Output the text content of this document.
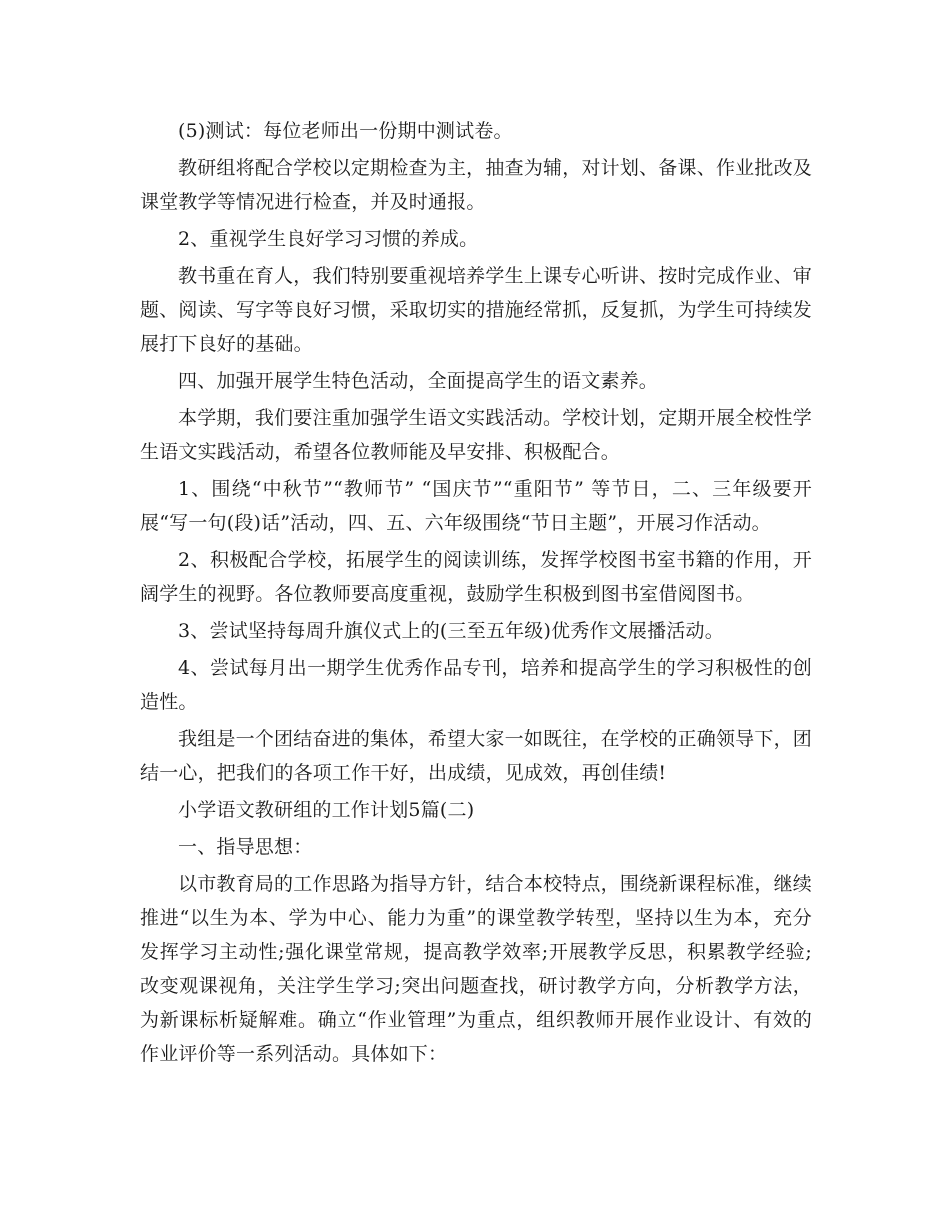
(5)测试：每位老师出一份期中测试卷。

教研组将配合学校以定期检查为主，抽查为辅，对计划、备课、作业批改及课堂教学等情况进行检查，并及时通报。

2、重视学生良好学习习惯的养成。

教书重在育人，我们特别要重视培养学生上课专心听讲、按时完成作业、审题、阅读、写字等良好习惯，采取切实的措施经常抓，反复抓，为学生可持续发展打下良好的基础。

四、加强开展学生特色活动，全面提高学生的语文素养。

本学期，我们要注重加强学生语文实践活动。学校计划，定期开展全校性学生语文实践活动，希望各位教师能及早安排、积极配合。

1、围绕“中秋节”“教师节” “国庆节”“重阳节” 等节日，二、三年级要开展“写一句(段)话”活动，四、五、六年级围绕“节日主题”，开展习作活动。

2、积极配合学校，拓展学生的阅读训练，发挥学校图书室书籍的作用，开阔学生的视野。各位教师要高度重视，鼓励学生积极到图书室借阅图书。

3、尝试坚持每周升旗仪式上的(三至五年级)优秀作文展播活动。

4、尝试每月出一期学生优秀作品专刊，培养和提高学生的学习积极性的创造性。

我组是一个团结奋进的集体，希望大家一如既往，在学校的正确领导下，团结一心，把我们的各项工作干好，出成绩，见成效，再创佳绩!

小学语文教研组的工作计划5篇(二)

一、指导思想：

以市教育局的工作思路为指导方针，结合本校特点，围绕新课程标准，继续推进“以生为本、学为中心、能力为重”的课堂教学转型，坚持以生为本，充分发挥学习主动性;强化课堂常规，提高教学效率;开展教学反思，积累教学经验;改变观课视角，关注学生学习;突出问题查找，研讨教学方向，分析教学方法，为新课标析疑解难。确立“作业管理”为重点，组织教师开展作业设计、有效的作业评价等一系列活动。具体如下：
